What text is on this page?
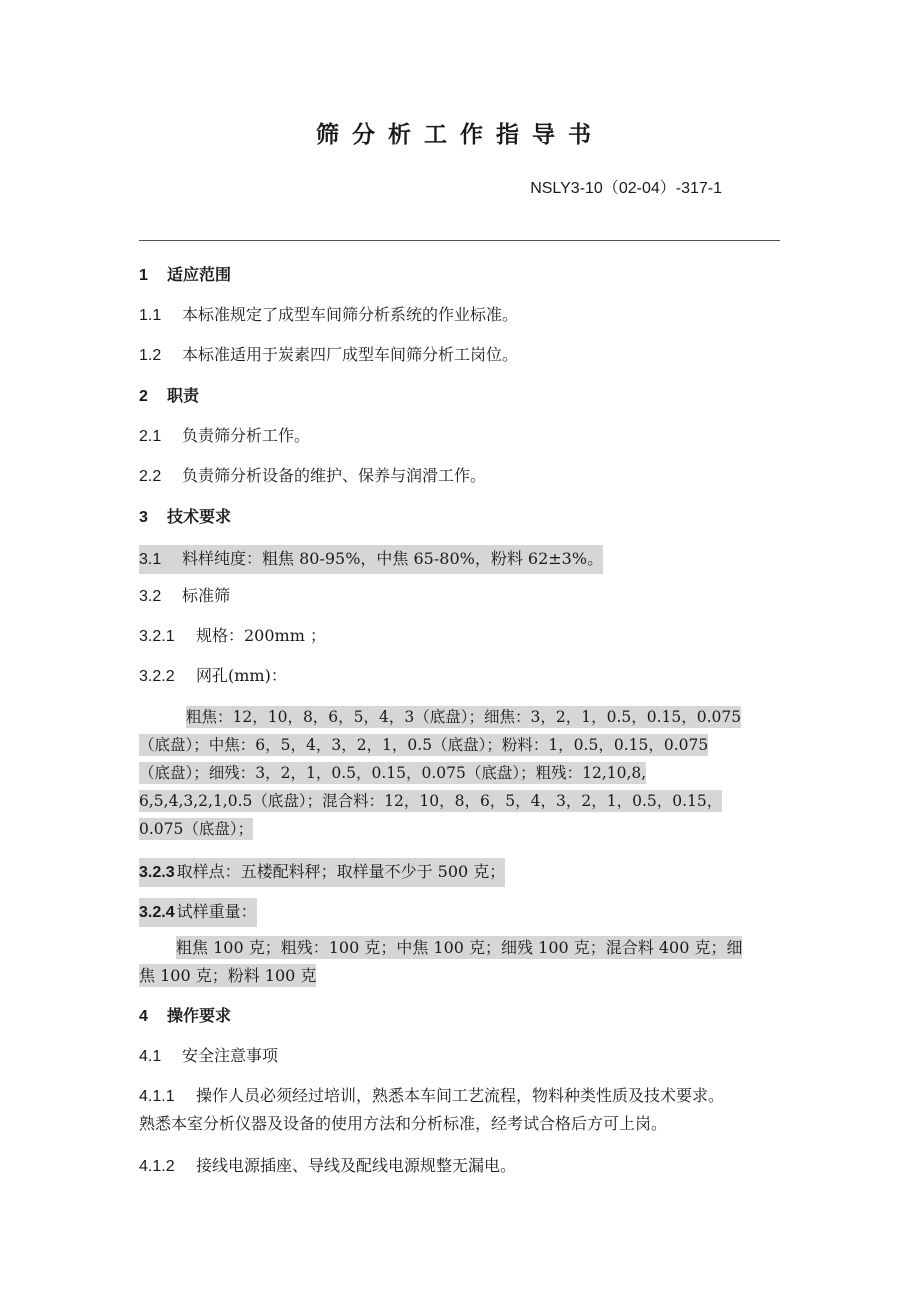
筛分析工作指导书
NSLY3-10（02-04）-317-1
1 适应范围
1.1 本标准规定了成型车间筛分析系统的作业标准。
1.2 本标准适用于炭素四厂成型车间筛分析工岗位。
2 职责
2.1 负责筛分析工作。
2.2 负责筛分析设备的维护、保养与润滑工作。
3 技术要求
3.1 料样纯度：粗焦 80-95%，中焦 65-80%，粉料 62±3%。
3.2 标准筛
3.2.1 规格：200mm ；
3.2.2 网孔(mm)：
粗焦：12，10，8，6，5，4，3（底盘）；细焦：3，2，1，0.5，0.15，0.075
（底盘）；中焦：6，5，4，3，2，1，0.5（底盘）；粉料：1，0.5，0.15，0.075
（底盘）；细残：3，2，1，0.5，0.15，0.075（底盘）；粗残：12,10,8,
6,5,4,3,2,1,0.5（底盘）；混合料：12，10，8，6，5，4，3，2，1，0.5，0.15，
0.075（底盘）；
3.2.3 取样点：五楼配料秤；取样量不少于 500 克；
3.2.4 试样重量：
粗焦 100 克；粗残：100 克；中焦 100 克；细残 100 克；混合料 400 克；细
焦 100 克；粉料 100 克
4 操作要求
4.1 安全注意事项
4.1.1 操作人员必须经过培训，熟悉本车间工艺流程，物料种类性质及技术要求。
熟悉本室分析仪器及设备的使用方法和分析标准，经考试合格后方可上岗。
4.1.2 接线电源插座、导线及配线电源规整无漏电。
